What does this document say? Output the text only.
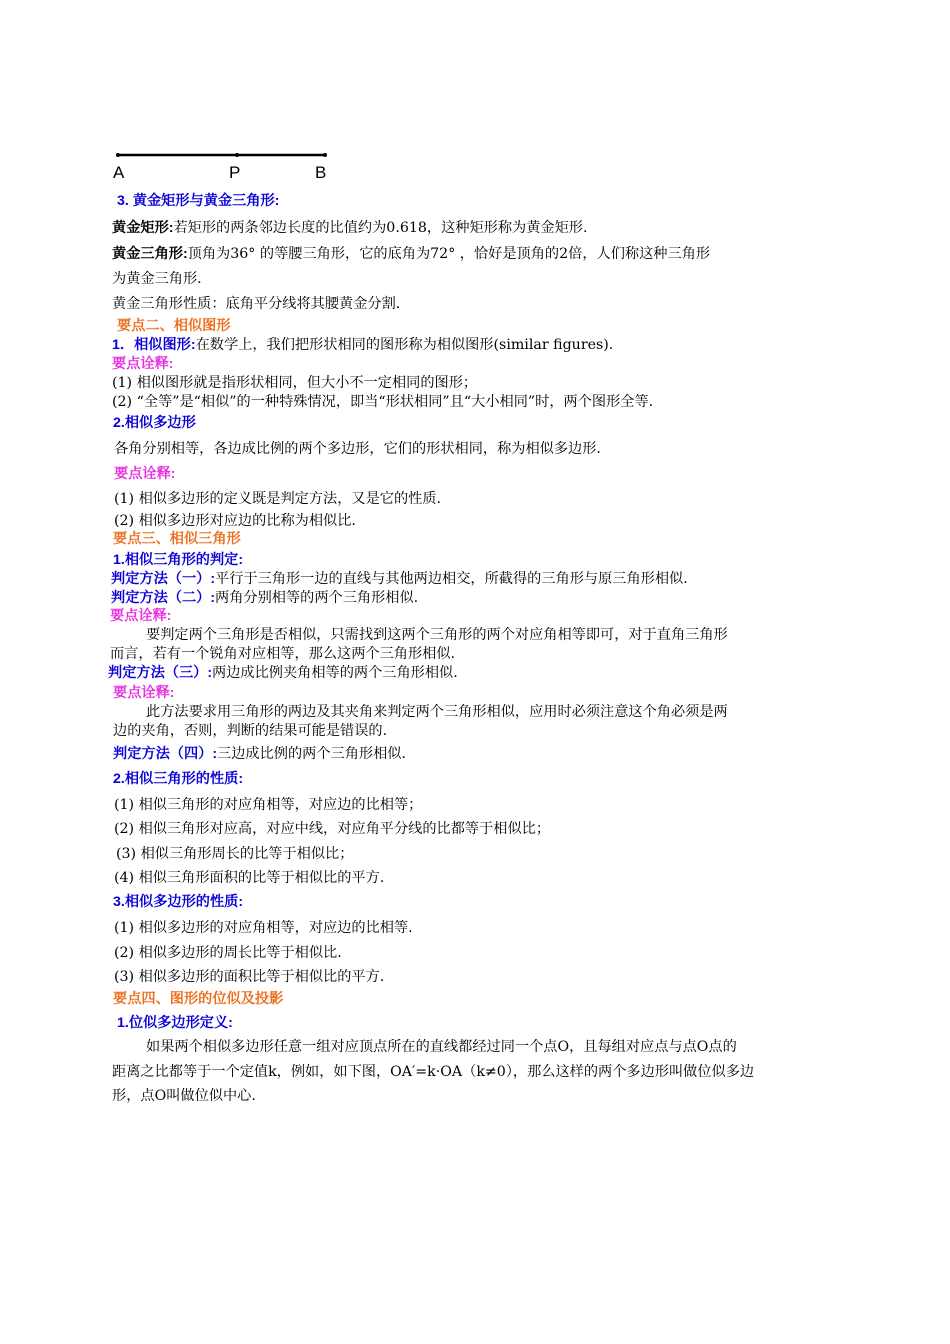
A	P	B
3. 黄金矩形与黄金三角形:
黄金矩形:若矩形的两条邻边长度的比值约为0.618，这种矩形称为黄金矩形.
黄金三角形:顶角为36° 的等腰三角形，它的底角为72° ，恰好是顶角的2倍，人们称这种三角形
为黄金三角形.
黄金三角形性质：底角平分线将其腰黄金分割.
要点二、相似图形
1．相似图形:在数学上，我们把形状相同的图形称为相似图形(similar figures).
要点诠释:
(1) 相似图形就是指形状相同，但大小不一定相同的图形；
(2) “全等”是“相似”的一种特殊情况，即当“形状相同”且“大小相同”时，两个图形全等.
2.相似多边形
各角分别相等，各边成比例的两个多边形，它们的形状相同，称为相似多边形.
要点诠释:
(1) 相似多边形的定义既是判定方法，又是它的性质.
(2) 相似多边形对应边的比称为相似比.
要点三、相似三角形
1.相似三角形的判定:
判定方法（一）:平行于三角形一边的直线与其他两边相交，所截得的三角形与原三角形相似.
判定方法（二）:两角分别相等的两个三角形相似.
要点诠释:
要判定两个三角形是否相似，只需找到这两个三角形的两个对应角相等即可，对于直角三角形
而言，若有一个锐角对应相等，那么这两个三角形相似.
判定方法（三）:两边成比例夹角相等的两个三角形相似.
要点诠释:
此方法要求用三角形的两边及其夹角来判定两个三角形相似，应用时必须注意这个角必须是两
边的夹角，否则，判断的结果可能是错误的.
判定方法（四）:三边成比例的两个三角形相似.
2.相似三角形的性质:
(1) 相似三角形的对应角相等，对应边的比相等；
(2) 相似三角形对应高，对应中线，对应角平分线的比都等于相似比；
(3) 相似三角形周长的比等于相似比；
(4) 相似三角形面积的比等于相似比的平方.
3.相似多边形的性质:
(1) 相似多边形的对应角相等，对应边的比相等.
(2) 相似多边形的周长比等于相似比.
(3) 相似多边形的面积比等于相似比的平方.
要点四、图形的位似及投影
1.位似多边形定义:
如果两个相似多边形任意一组对应顶点所在的直线都经过同一个点O，且每组对应点与点O点的
距离之比都等于一个定值k，例如，如下图，OA′=k·OA（k≠0），那么这样的两个多边形叫做位似多边
形，点O叫做位似中心.
